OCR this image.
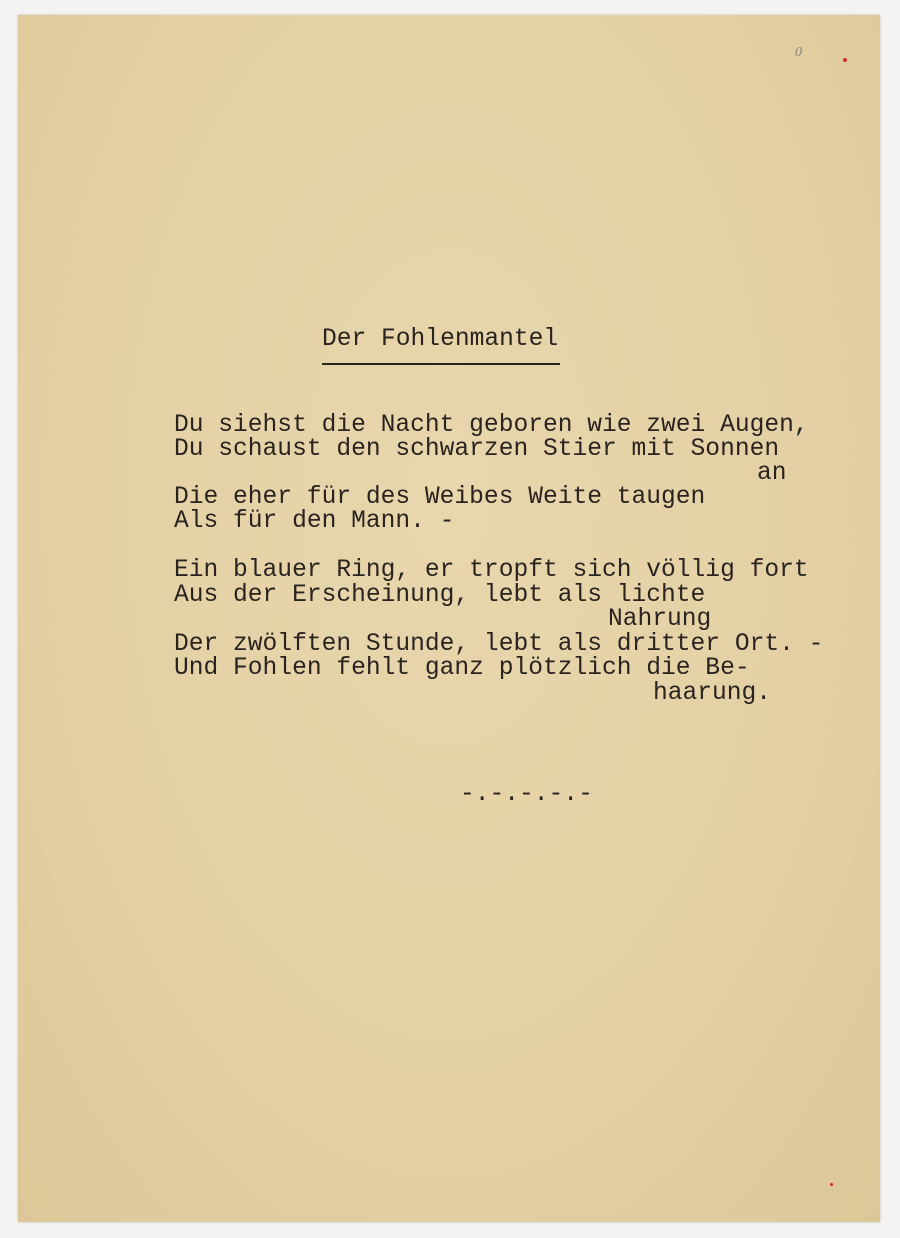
0
Der Fohlenmantel
Du siehst die Nacht geboren wie zwei Augen,
Du schaust den schwarzen Stier mit Sonnen
an
Die eher für des Weibes Weite taugen
Als für den Mann. -
Ein blauer Ring, er tropft sich völlig fort
Aus der Erscheinung, lebt als lichte
Nahrung
Der zwölften Stunde, lebt als dritter Ort. -
Und Fohlen fehlt ganz plötzlich die Be-
haarung.
-.-.-.-.-
